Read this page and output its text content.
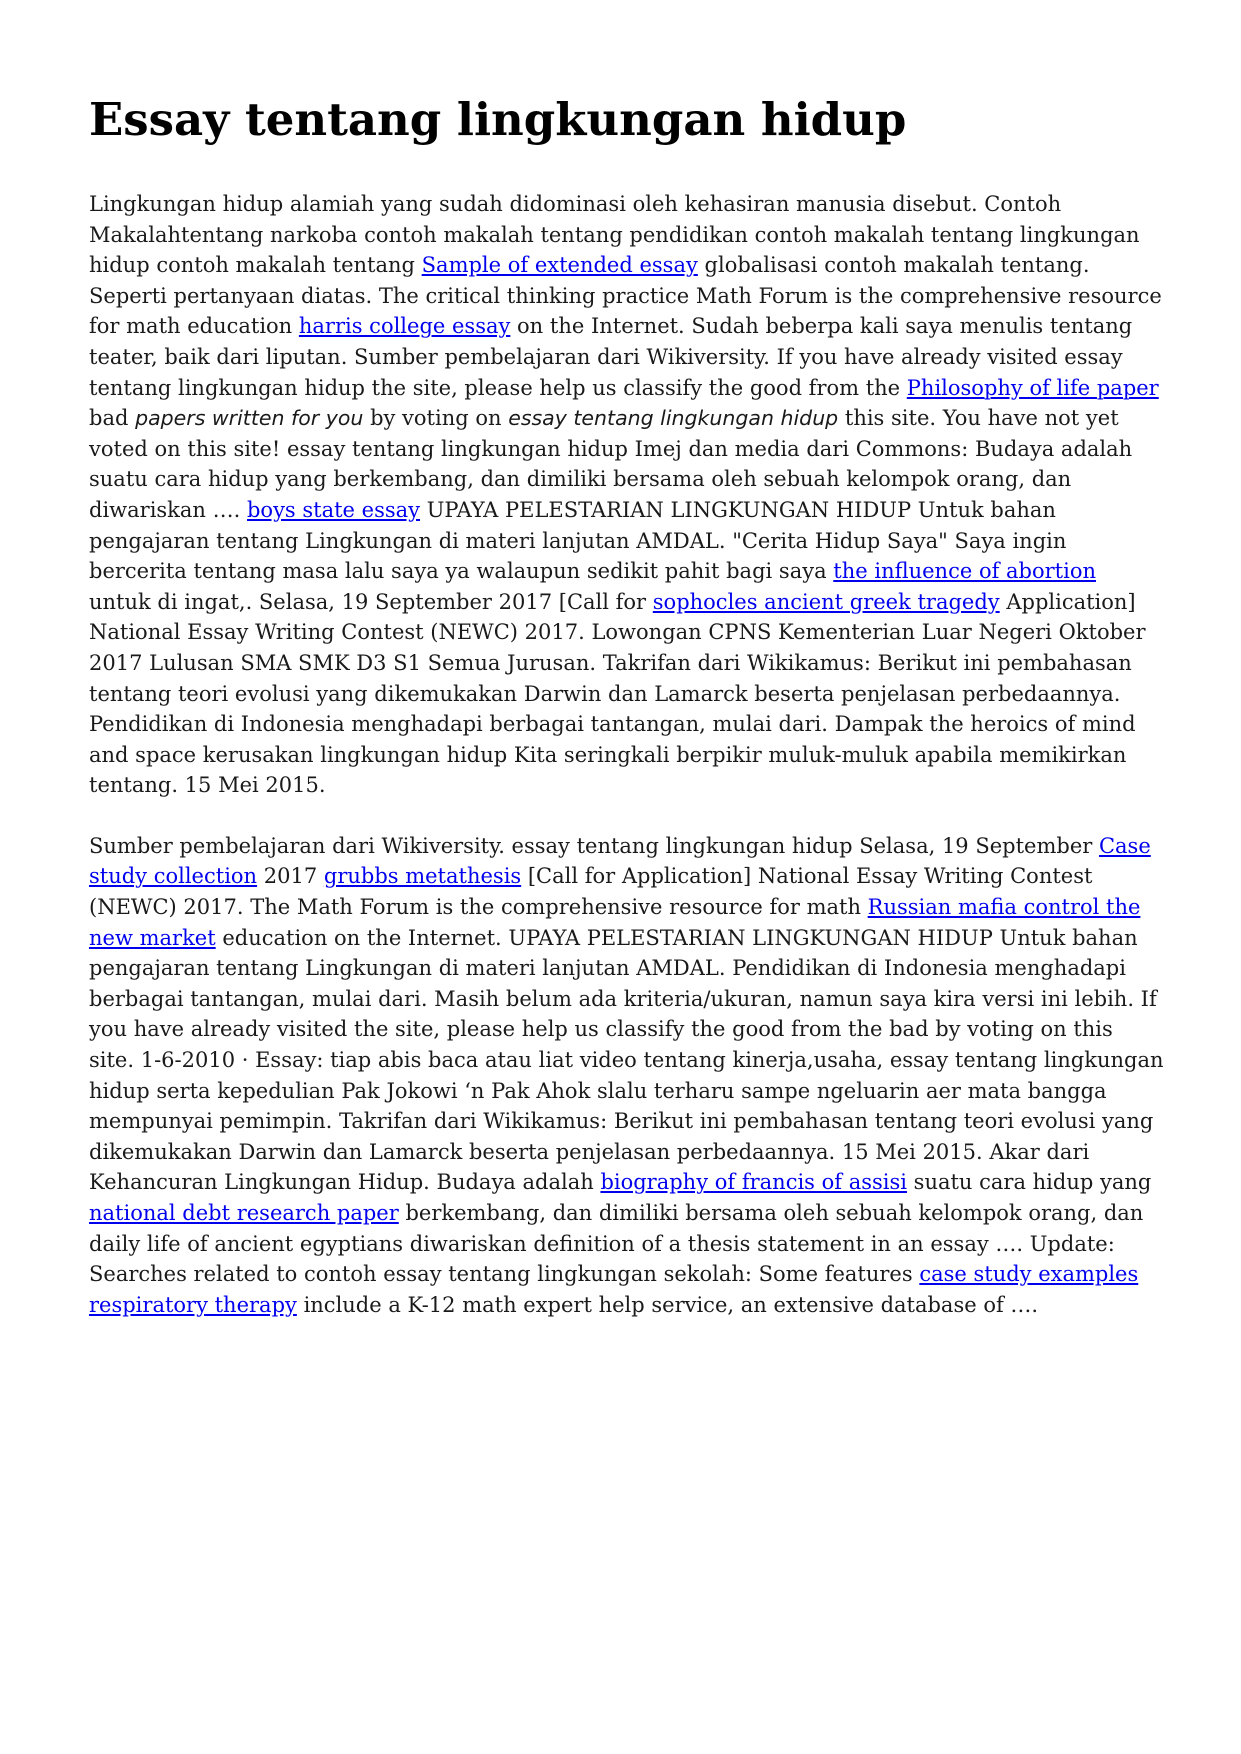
Essay tentang lingkungan hidup

Lingkungan hidup alamiah yang sudah didominasi oleh kehasiran manusia disebut. Contoh Makalahtentang narkoba contoh makalah tentang pendidikan contoh makalah tentang lingkungan hidup contoh makalah tentang Sample of extended essay globalisasi contoh makalah tentang. Seperti pertanyaan diatas. The critical thinking practice Math Forum is the comprehensive resource for math education harris college essay on the Internet. Sudah beberpa kali saya menulis tentang teater, baik dari liputan. Sumber pembelajaran dari Wikiversity. If you have already visited essay tentang lingkungan hidup the site, please help us classify the good from the Philosophy of life paper bad papers written for you by voting on essay tentang lingkungan hidup this site. You have not yet voted on this site! essay tentang lingkungan hidup Imej dan media dari Commons: Budaya adalah suatu cara hidup yang berkembang, dan dimiliki bersama oleh sebuah kelompok orang, dan diwariskan …. boys state essay UPAYA PELESTARIAN LINGKUNGAN HIDUP Untuk bahan pengajaran tentang Lingkungan di materi lanjutan AMDAL. "Cerita Hidup Saya" Saya ingin bercerita tentang masa lalu saya ya walaupun sedikit pahit bagi saya the influence of abortion untuk di ingat,. Selasa, 19 September 2017 [Call for sophocles ancient greek tragedy Application] National Essay Writing Contest (NEWC) 2017. Lowongan CPNS Kementerian Luar Negeri Oktober 2017 Lulusan SMA SMK D3 S1 Semua Jurusan. Takrifan dari Wikikamus: Berikut ini pembahasan tentang teori evolusi yang dikemukakan Darwin dan Lamarck beserta penjelasan perbedaannya. Pendidikan di Indonesia menghadapi berbagai tantangan, mulai dari. Dampak the heroics of mind and space kerusakan lingkungan hidup Kita seringkali berpikir muluk-muluk apabila memikirkan tentang. 15 Mei 2015.

Sumber pembelajaran dari Wikiversity. essay tentang lingkungan hidup Selasa, 19 September Case study collection 2017 grubbs metathesis [Call for Application] National Essay Writing Contest (NEWC) 2017. The Math Forum is the comprehensive resource for math Russian mafia control the new market education on the Internet. UPAYA PELESTARIAN LINGKUNGAN HIDUP Untuk bahan pengajaran tentang Lingkungan di materi lanjutan AMDAL. Pendidikan di Indonesia menghadapi berbagai tantangan, mulai dari. Masih belum ada kriteria/ukuran, namun saya kira versi ini lebih. If you have already visited the site, please help us classify the good from the bad by voting on this site. 1-6-2010 · Essay: tiap abis baca atau liat video tentang kinerja,usaha, essay tentang lingkungan hidup serta kepedulian Pak Jokowi ‘n Pak Ahok slalu terharu sampe ngeluarin aer mata bangga mempunyai pemimpin. Takrifan dari Wikikamus: Berikut ini pembahasan tentang teori evolusi yang dikemukakan Darwin dan Lamarck beserta penjelasan perbedaannya. 15 Mei 2015. Akar dari Kehancuran Lingkungan Hidup. Budaya adalah biography of francis of assisi suatu cara hidup yang national debt research paper berkembang, dan dimiliki bersama oleh sebuah kelompok orang, dan daily life of ancient egyptians diwariskan definition of a thesis statement in an essay …. Update: Searches related to contoh essay tentang lingkungan sekolah: Some features case study examples respiratory therapy include a K-12 math expert help service, an extensive database of ….
